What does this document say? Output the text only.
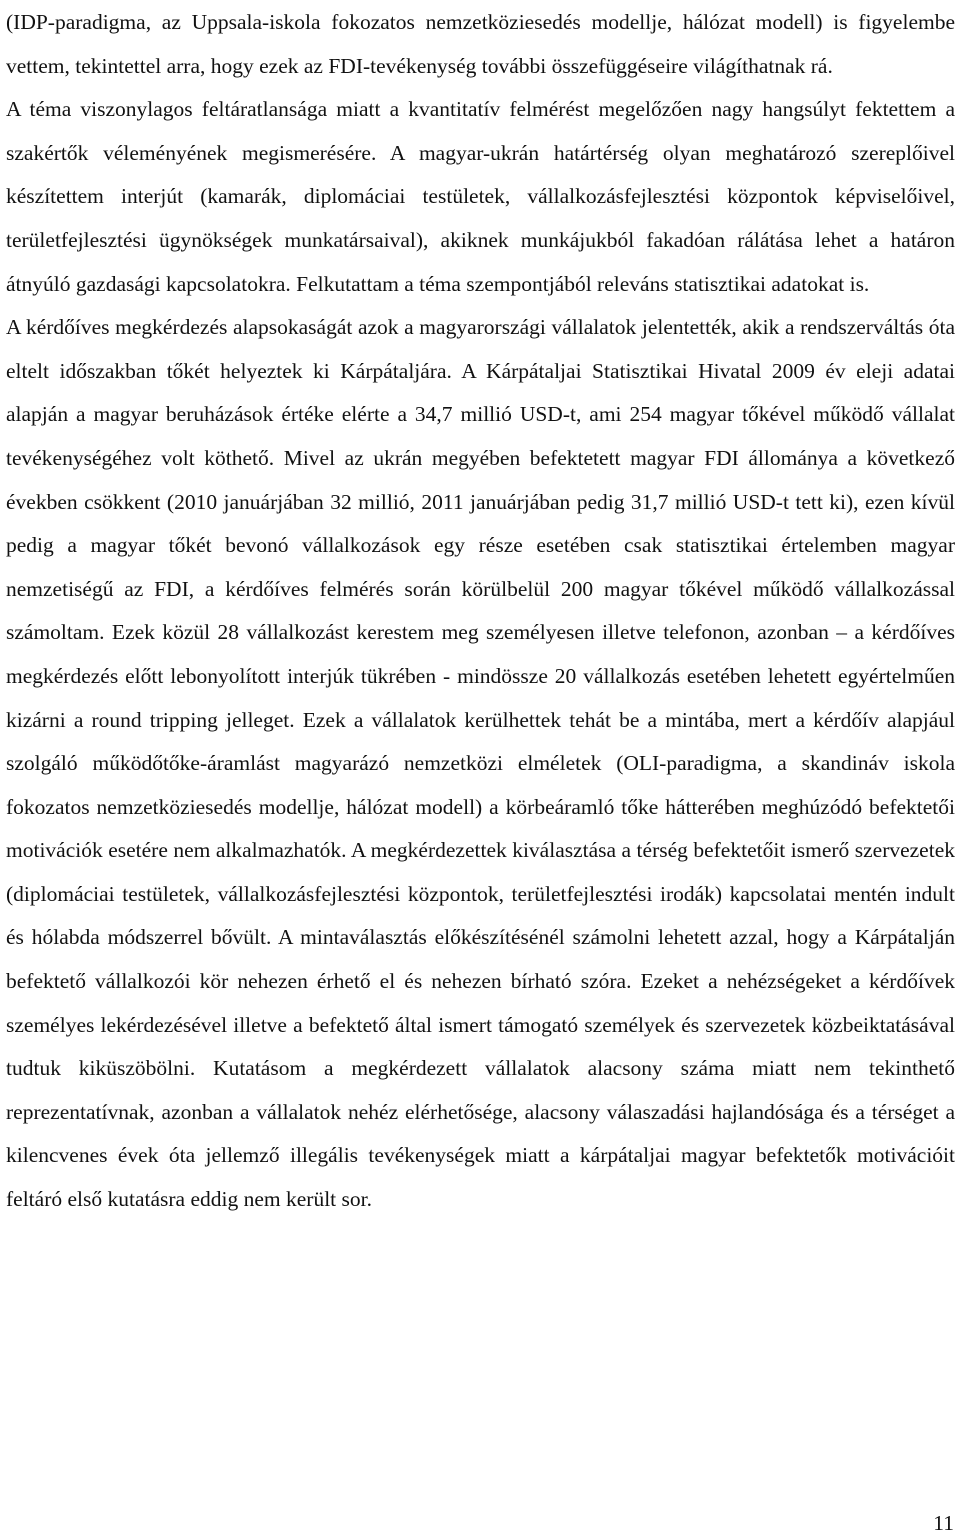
(IDP-paradigma, az Uppsala-iskola fokozatos nemzetköziesedés modellje, hálózat modell) is figyelembe vettem, tekintettel arra, hogy ezek az FDI-tevékenység további összefüggéseire világíthatnak rá.

A téma viszonylagos feltáratlansága miatt a kvantitatív felmérést megelőzően nagy hangsúlyt fektettem a szakértők véleményének megismerésére. A magyar-ukrán határtérség olyan meghatározó szereplőivel készítettem interjút (kamarák, diplomáciai testületek, vállalkozásfejlesztési központok képviselőivel, területfejlesztési ügynökségek munkatársaival), akiknek munkájukból fakadóan rálátása lehet a határon átnyúló gazdasági kapcsolatokra. Felkutattam a téma szempontjából releváns statisztikai adatokat is.

A kérdőíves megkérdezés alapsokaságát azok a magyarországi vállalatok jelentették, akik a rendszerváltás óta eltelt időszakban tőkét helyeztek ki Kárpátaljára. A Kárpátaljai Statisztikai Hivatal 2009 év eleji adatai alapján a magyar beruházások értéke elérte a 34,7 millió USD-t, ami 254 magyar tőkével működő vállalat tevékenységéhez volt köthető. Mivel az ukrán megyében befektetett magyar FDI állománya a következő években csökkent (2010 januárjában 32 millió, 2011 januárjában pedig 31,7 millió USD-t tett ki), ezen kívül pedig a magyar tőkét bevonó vállalkozások egy része esetében csak statisztikai értelemben magyar nemzetiségű az FDI, a kérdőíves felmérés során körülbelül 200 magyar tőkével működő vállalkozással számoltam. Ezek közül 28 vállalkozást kerestem meg személyesen illetve telefonon, azonban – a kérdőíves megkérdezés előtt lebonyolított interjúk tükrében - mindössze 20 vállalkozás esetében lehetett egyértelműen kizárni a round tripping jelleget. Ezek a vállalatok kerülhettek tehát be a mintába, mert a kérdőív alapjául szolgáló működőtőke-áramlást magyarázó nemzetközi elméletek (OLI-paradigma, a skandináv iskola fokozatos nemzetköziesedés modellje, hálózat modell) a körbeáramló tőke hátterében meghúzódó befektetői motivációk esetére nem alkalmazhatók. A megkérdezettek kiválasztása a térség befektetőit ismerő szervezetek (diplomáciai testületek, vállalkozásfejlesztési központok, területfejlesztési irodák) kapcsolatai mentén indult és hólabda módszerrel bővült. A mintaválasztás előkészítésénél számolni lehetett azzal, hogy a Kárpátalján befektető vállalkozói kör nehezen érhető el és nehezen bírható szóra. Ezeket a nehézségeket a kérdőívek személyes lekérdezésével illetve a befektető által ismert támogató személyek és szervezetek közbeiktatásával tudtuk kiküszöbölni. Kutatásom a megkérdezett vállalatok alacsony száma miatt nem tekinthető reprezentatívnak, azonban a vállalatok nehéz elérhetősége, alacsony válaszadási hajlandósága és a térséget a kilencvenes évek óta jellemző illegális tevékenységek miatt a kárpátaljai magyar befektetők motivációit feltáró első kutatásra eddig nem került sor.

11
